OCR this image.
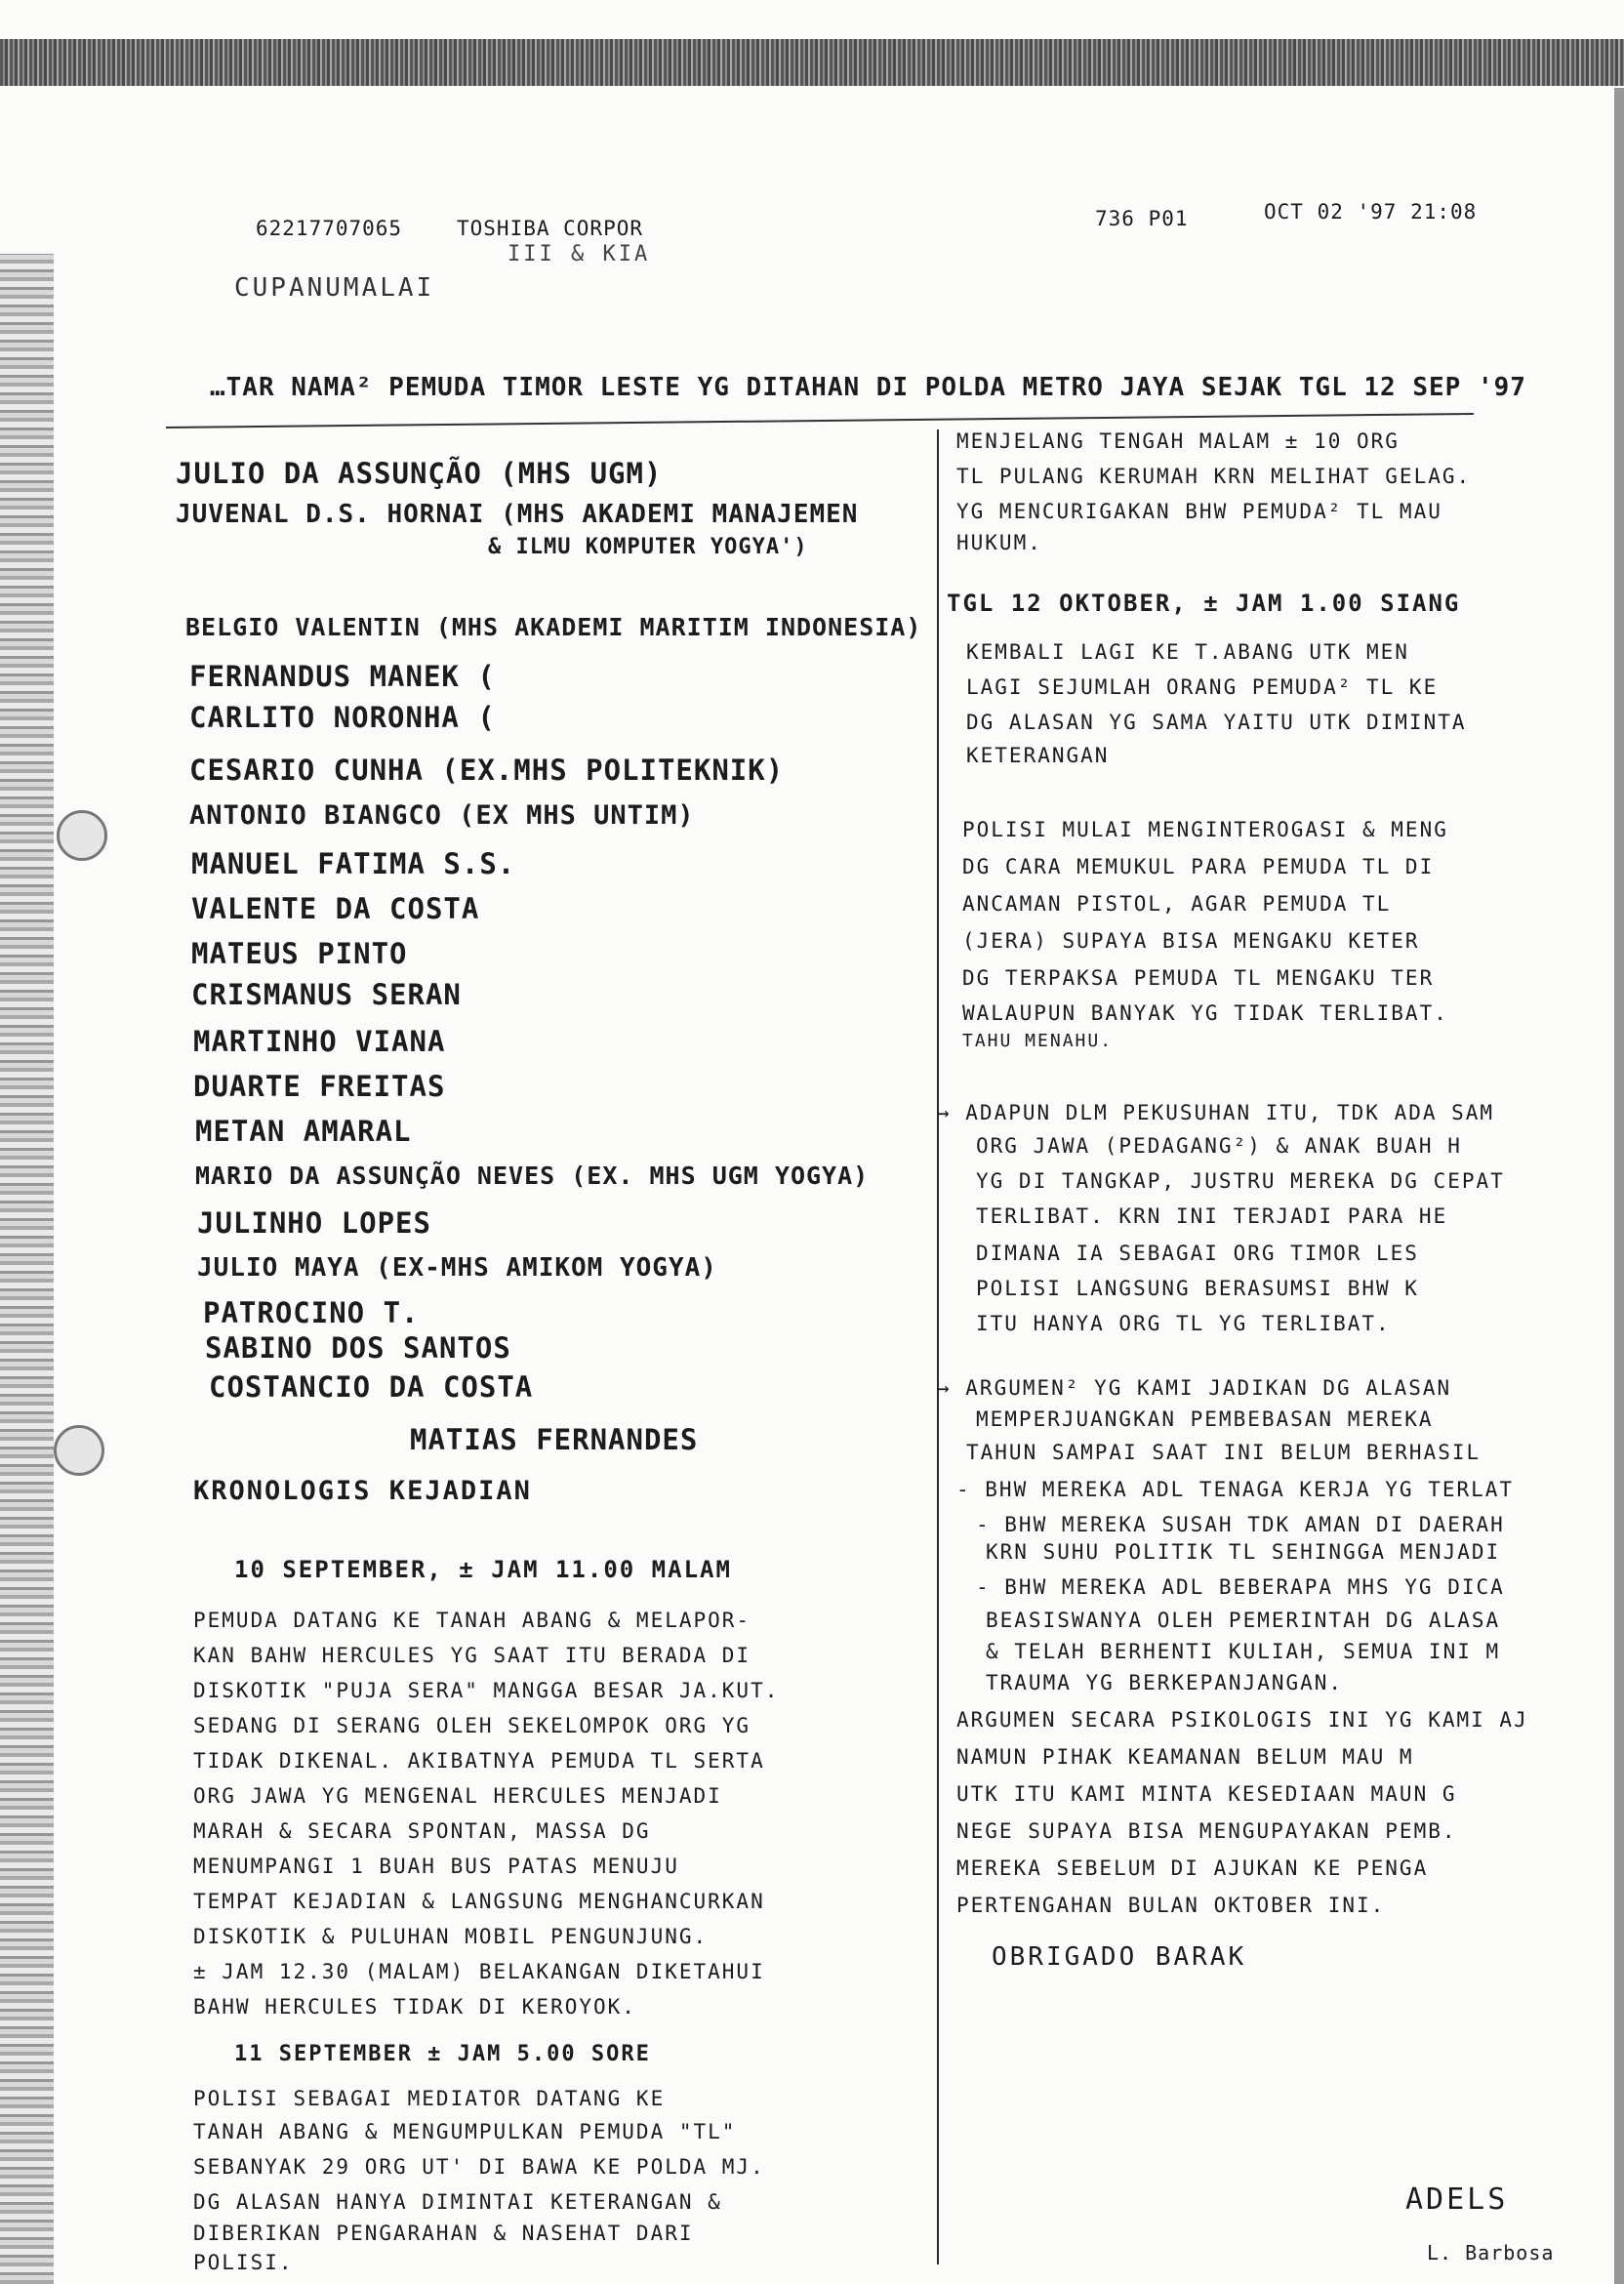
62217707065	TOSHIBA CORPOR	736 P01	OCT 02 '97 21:08
III & KIA
CUPANUMALAI
…TAR NAMA² PEMUDA TIMOR LESTE YG DITAHAN DI POLDA METRO JAYA SEJAK TGL 12 SEP '97
JULIO DA ASSUNÇÃO (MHS UGM)
JUVENAL D.S. HORNAI (MHS AKADEMI MANAJEMEN
& ILMU KOMPUTER YOGYA')
BELGIO VALENTIN (MHS AKADEMI MARITIM INDONESIA)
FERNANDUS MANEK (
CARLITO NORONHA (
CESARIO CUNHA (EX.MHS POLITEKNIK)
ANTONIO BIANGCO (EX MHS UNTIM)
MANUEL FATIMA S.S.
VALENTE DA COSTA
MATEUS PINTO
CRISMANUS SERAN
MARTINHO VIANA
DUARTE FREITAS
METAN AMARAL
MARIO DA ASSUNÇÃO NEVES (EX. MHS UGM YOGYA)
JULINHO LOPES
JULIO MAYA (EX-MHS AMIKOM YOGYA)
PATROCINO T.
SABINO DOS SANTOS
COSTANCIO DA COSTA
MATIAS FERNANDES
KRONOLOGIS KEJADIAN
10 SEPTEMBER, ± JAM 11.00 MALAM
PEMUDA DATANG KE TANAH ABANG & MELAPOR-
KAN BAHW HERCULES YG SAAT ITU BERADA DI
DISKOTIK "PUJA SERA" MANGGA BESAR JA.KUT.
SEDANG DI SERANG OLEH SEKELOMPOK ORG YG
TIDAK DIKENAL. AKIBATNYA PEMUDA TL SERTA
ORG JAWA YG MENGENAL HERCULES MENJADI
MARAH & SECARA SPONTAN, MASSA DG
MENUMPANGI 1 BUAH BUS PATAS MENUJU
TEMPAT KEJADIAN & LANGSUNG MENGHANCURKAN
DISKOTIK & PULUHAN MOBIL PENGUNJUNG.
± JAM 12.30 (MALAM) BELAKANGAN DIKETAHUI
BAHW HERCULES TIDAK DI KEROYOK.
11 SEPTEMBER ± JAM 5.00 SORE
POLISI SEBAGAI MEDIATOR DATANG KE
TANAH ABANG & MENGUMPULKAN PEMUDA "TL"
SEBANYAK 29 ORG UT' DI BAWA KE POLDA MJ.
DG ALASAN HANYA DIMINTAI KETERANGAN &
DIBERIKAN PENGARAHAN & NASEHAT DARI
POLISI.
MENJELANG TENGAH MALAM ± 10 ORG
TL PULANG KERUMAH KRN MELIHAT GELAG.
YG MENCURIGAKAN BHW PEMUDA² TL MAU
HUKUM.
TGL 12 OKTOBER, ± JAM 1.00 SIANG
KEMBALI LAGI KE T.ABANG UTK MEN
LAGI SEJUMLAH ORANG PEMUDA² TL KE
DG ALASAN YG SAMA YAITU UTK DIMINTA
KETERANGAN
POLISI MULAI MENGINTEROGASI & MENG
DG CARA MEMUKUL PARA PEMUDA TL DI
ANCAMAN PISTOL, AGAR PEMUDA TL
(JERA) SUPAYA BISA MENGAKU KETER
DG TERPAKSA PEMUDA TL MENGAKU TER
WALAUPUN BANYAK YG TIDAK TERLIBAT.
TAHU MENAHU.
→ ADAPUN DLM PEKUSUHAN ITU, TDK ADA SAM
ORG JAWA (PEDAGANG²) & ANAK BUAH H
YG DI TANGKAP, JUSTRU MEREKA DG CEPAT
TERLIBAT. KRN INI TERJADI PARA HE
DIMANA IA SEBAGAI ORG TIMOR LES
POLISI LANGSUNG BERASUMSI BHW K
ITU HANYA ORG TL YG TERLIBAT.
→ ARGUMEN² YG KAMI JADIKAN DG ALASAN
MEMPERJUANGKAN PEMBEBASAN MEREKA
TAHUN SAMPAI SAAT INI BELUM BERHASIL
- BHW MEREKA ADL TENAGA KERJA YG TERLAT
- BHW MEREKA SUSAH TDK AMAN DI DAERAH
KRN SUHU POLITIK TL SEHINGGA MENJADI
- BHW MEREKA ADL BEBERAPA MHS YG DICA
BEASISWANYA OLEH PEMERINTAH DG ALASA
& TELAH BERHENTI KULIAH, SEMUA INI M
TRAUMA YG BERKEPANJANGAN.
ARGUMEN SECARA PSIKOLOGIS INI YG KAMI AJ
NAMUN PIHAK KEAMANAN BELUM MAU M
UTK ITU KAMI MINTA KESEDIAAN MAUN G
NEGE SUPAYA BISA MENGUPAYAKAN PEMB.
MEREKA SEBELUM DI AJUKAN KE PENGA
PERTENGAHAN BULAN OKTOBER INI.
OBRIGADO BARAK
ADELS
L. Barbosa
